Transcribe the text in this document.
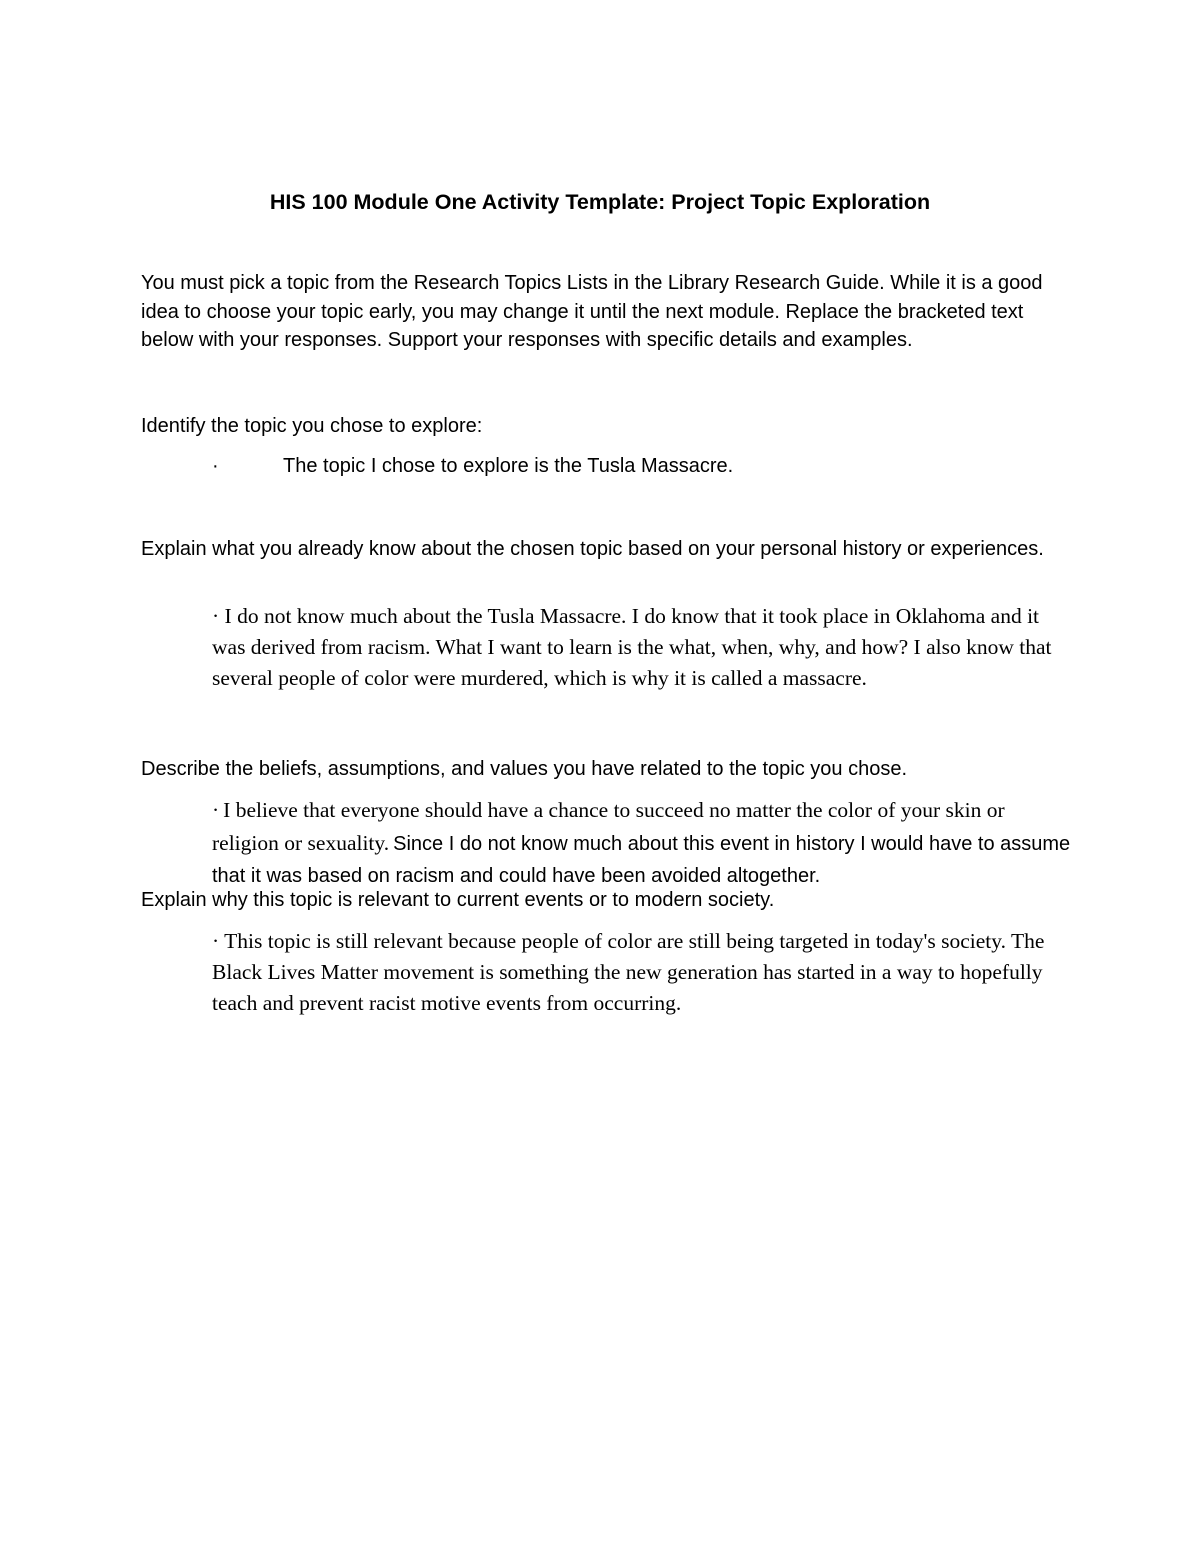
HIS 100 Module One Activity Template: Project Topic Exploration

You must pick a topic from the Research Topics Lists in the Library Research Guide. While it is a good idea to choose your topic early, you may change it until the next module. Replace the bracketed text below with your responses. Support your responses with specific details and examples.

Identify the topic you chose to explore:

·	The topic I chose to explore is the Tusla Massacre.

Explain what you already know about the chosen topic based on your personal history or experiences.

· I do not know much about the Tusla Massacre. I do know that it took place in Oklahoma and it was derived from racism. What I want to learn is the what, when, why, and how? I also know that several people of color were murdered, which is why it is called a massacre.

Describe the beliefs, assumptions, and values you have related to the topic you chose.

· I believe that everyone should have a chance to succeed no matter the color of your skin or religion or sexuality. Since I do not know much about this event in history I would have to assume that it was based on racism and could have been avoided altogether.

Explain why this topic is relevant to current events or to modern society.

· This topic is still relevant because people of color are still being targeted in today's society. The Black Lives Matter movement is something the new generation has started in a way to hopefully teach and prevent racist motive events from occurring.
